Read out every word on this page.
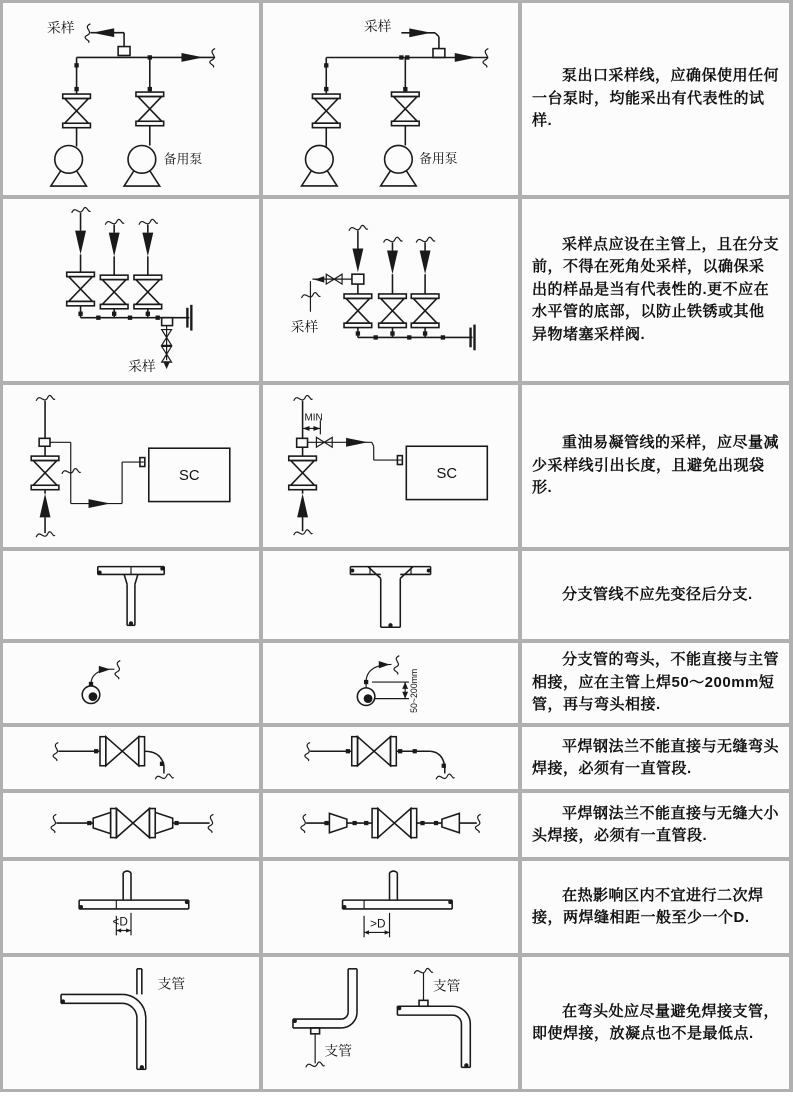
采样
备用泵
采样
备用泵

泵出口采样线，应确保使用任何一台泵时，均能采出有代表性的试样.

采样
采样

采样点应设在主管上，且在分支前，不得在死角处采样，以确保采出的样品是当有代表性的.更不应在水平管的底部，以防止铁锈或其他异物堵塞采样阀.

SC
MIN
SC

重油易凝管线的采样，应尽量减少采样线引出长度，且避免出现袋形.

分支管线不应先变径后分支.

50~200mm

分支管的弯头，不能直接与主管相接，应在主管上焊50～200mm短管，再与弯头相接.

平焊钢法兰不能直接与无缝弯头焊接，必须有一直管段.

平焊钢法兰不能直接与无缝大小头焊接，必须有一直管段.

<D	>D

在热影响区内不宜进行二次焊接，两焊缝相距一般至少一个D.

支管
支管
支管

在弯头处应尽量避免焊接支管，即使焊接，放凝点也不是最低点.
